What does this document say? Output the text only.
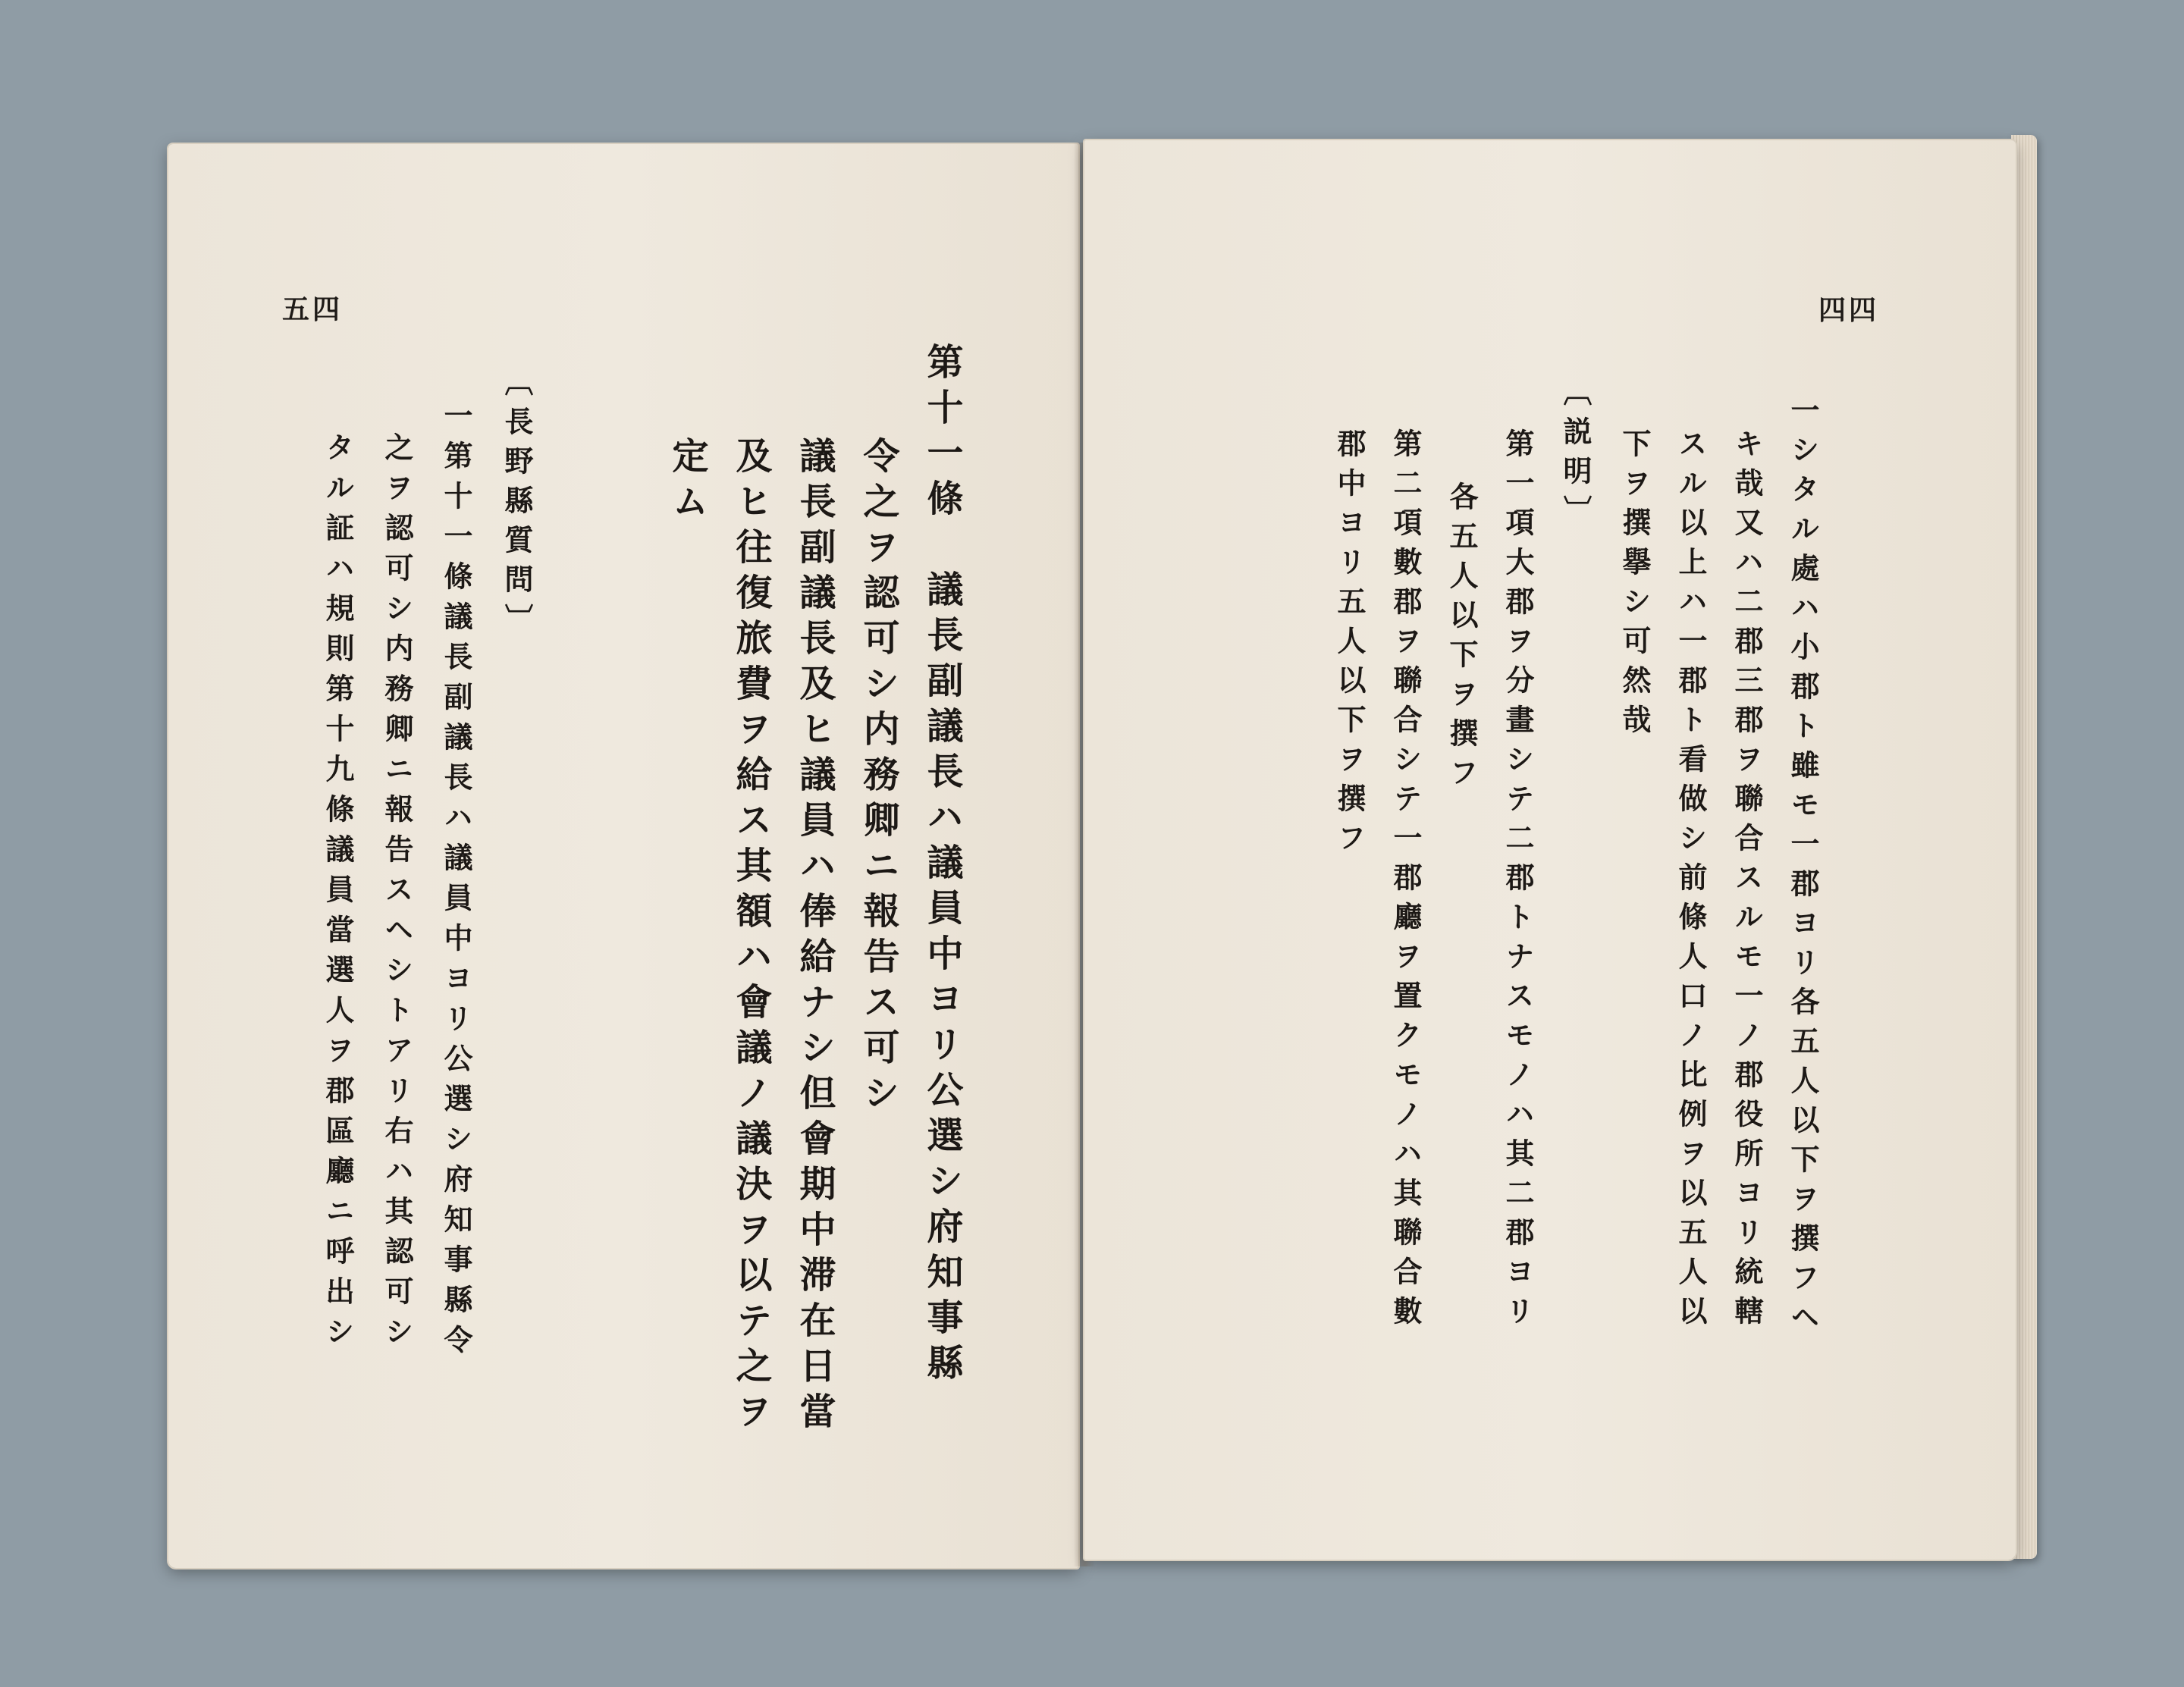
五四
第十一條　議長副議長ハ議員中ヨリ公選シ府知事縣
令之ヲ認可シ内務卿ニ報告ス可シ
議長副議長及ヒ議員ハ俸給ナシ但會期中滞在日當
及ヒ往復旅費ヲ給ス其額ハ會議ノ議決ヲ以テ之ヲ
定ム
〔長野縣質問〕
一第十一條議長副議長ハ議員中ヨリ公選シ府知事縣令
之ヲ認可シ内務卿ニ報告スヘシトアリ右ハ其認可シ
タル証ハ規則第十九條議員當選人ヲ郡區廳ニ呼出シ
四四
一シタル處ハ小郡ト雖モ一郡ヨリ各五人以下ヲ撰フヘ
キ哉又ハ二郡三郡ヲ聯合スルモ一ノ郡役所ヨリ統轄
スル以上ハ一郡ト看做シ前條人口ノ比例ヲ以五人以
下ヲ撰擧シ可然哉
〔説明〕
第一項大郡ヲ分畫シテ二郡トナスモノハ其二郡ヨリ
各五人以下ヲ撰フ
第二項數郡ヲ聯合シテ一郡廳ヲ置クモノハ其聯合數
郡中ヨリ五人以下ヲ撰フ
